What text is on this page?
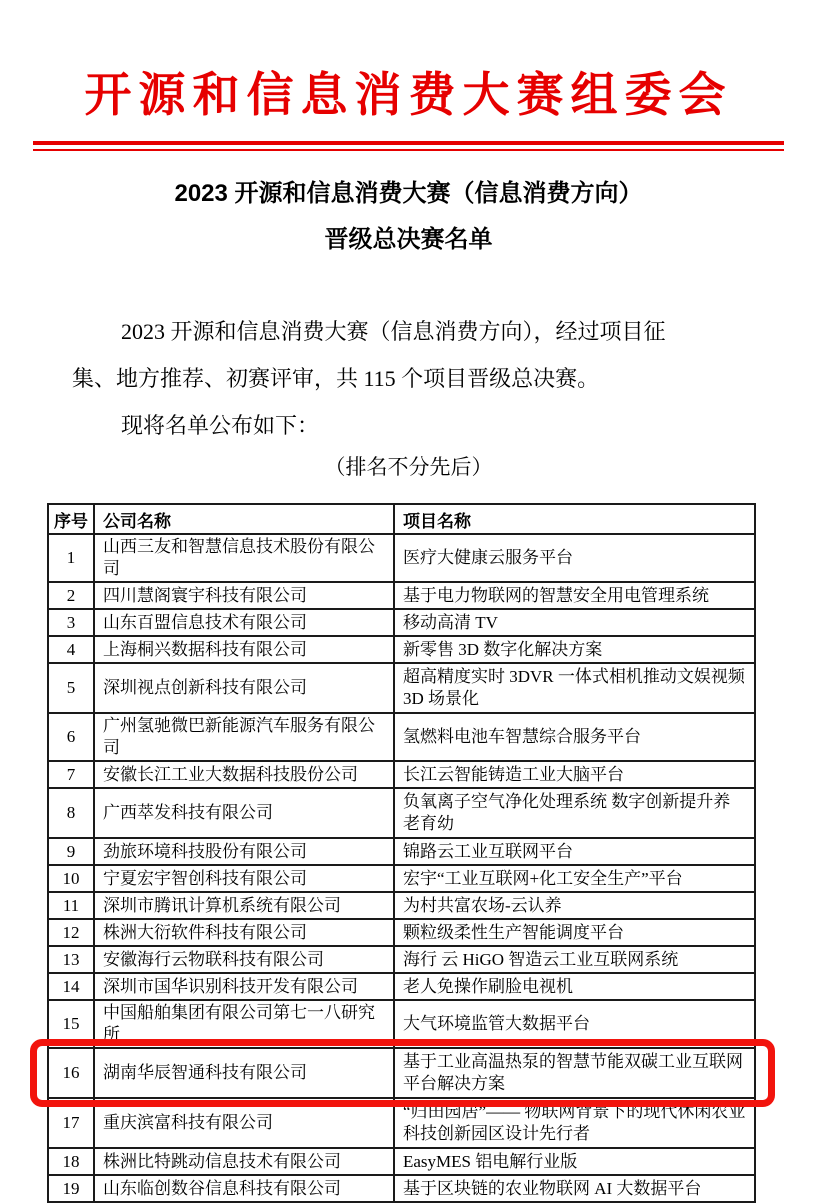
开源和信息消费大赛组委会
2023 开源和信息消费大赛（信息消费方向）
晋级总决赛名单
2023 开源和信息消费大赛（信息消费方向），经过项目征
集、地方推荐、初赛评审，共 115 个项目晋级总决赛。
现将名单公布如下：
（排名不分先后）
序号	公司名称	项目名称
1	山西三友和智慧信息技术股份有限公司	医疗大健康云服务平台
2	四川慧阁寰宇科技有限公司	基于电力物联网的智慧安全用电管理系统
3	山东百盟信息技术有限公司	移动高清 TV
4	上海桐兴数据科技有限公司	新零售 3D 数字化解决方案
5	深圳视点创新科技有限公司	超高精度实时 3DVR 一体式相机推动文娱视频 3D 场景化
6	广州氢驰微巴新能源汽车服务有限公司	氢燃料电池车智慧综合服务平台
7	安徽长江工业大数据科技股份公司	长江云智能铸造工业大脑平台
8	广西萃发科技有限公司	负氧离子空气净化处理系统 数字创新提升养老育幼
9	劲旅环境科技股份有限公司	锦路云工业互联网平台
10	宁夏宏宇智创科技有限公司	宏宇“工业互联网+化工安全生产”平台
11	深圳市腾讯计算机系统有限公司	为村共富农场-云认养
12	株洲大衍软件科技有限公司	颗粒级柔性生产智能调度平台
13	安徽海行云物联科技有限公司	海行 云 HiGO 智造云工业互联网系统
14	深圳市国华识别科技开发有限公司	老人免操作刷脸电视机
15	中国船舶集团有限公司第七一八研究所	大气环境监管大数据平台
16	湖南华辰智通科技有限公司	基于工业高温热泵的智慧节能双碳工业互联网平台解决方案
17	重庆滨富科技有限公司	“归田园居”—— 物联网背景下的现代休闲农业科技创新园区设计先行者
18	株洲比特跳动信息技术有限公司	EasyMES 铝电解行业版
19	山东临创数谷信息科技有限公司	基于区块链的农业物联网 AI 大数据平台
